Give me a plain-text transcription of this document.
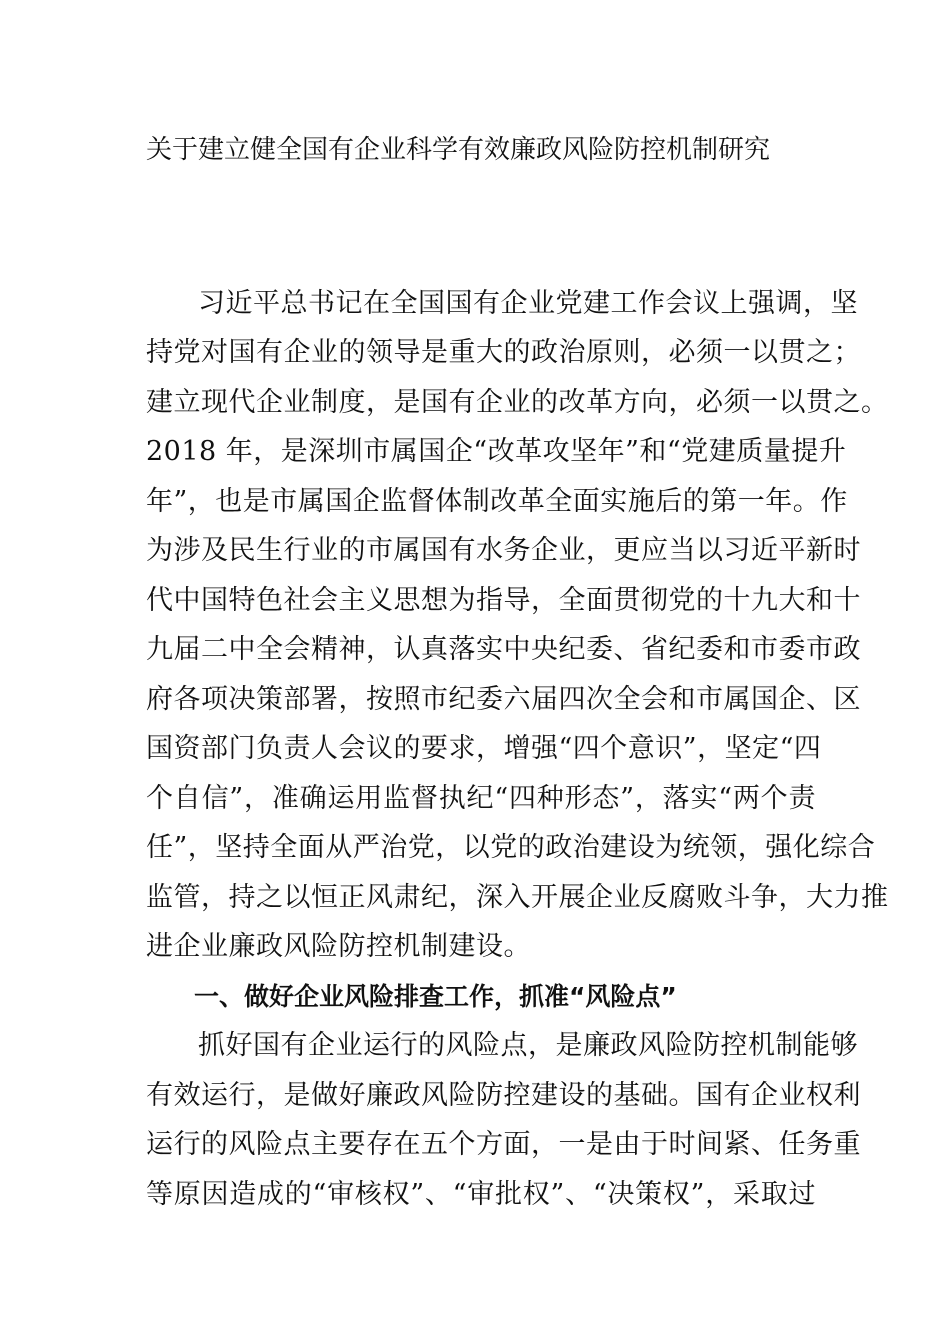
关于建立健全国有企业科学有效廉政风险防控机制研究
习近平总书记在全国国有企业党建工作会议上强调，坚
持党对国有企业的领导是重大的政治原则，必须一以贯之；
建立现代企业制度，是国有企业的改革方向，必须一以贯之。
2018 年，是深圳市属国企“改革攻坚年”和“党建质量提升
年”，也是市属国企监督体制改革全面实施后的第一年。作
为涉及民生行业的市属国有水务企业，更应当以习近平新时
代中国特色社会主义思想为指导，全面贯彻党的十九大和十
九届二中全会精神，认真落实中央纪委、省纪委和市委市政
府各项决策部署，按照市纪委六届四次全会和市属国企、区
国资部门负责人会议的要求，增强“四个意识”，坚定“四
个自信”，准确运用监督执纪“四种形态”，落实“两个责
任”，坚持全面从严治党，以党的政治建设为统领，强化综合
监管，持之以恒正风肃纪，深入开展企业反腐败斗争，大力推
进企业廉政风险防控机制建设。
一、做好企业风险排查工作，抓准“风险点”
抓好国有企业运行的风险点，是廉政风险防控机制能够
有效运行，是做好廉政风险防控建设的基础。国有企业权利
运行的风险点主要存在五个方面，一是由于时间紧、任务重
等原因造成的“审核权”、“审批权”、“决策权”，采取过
